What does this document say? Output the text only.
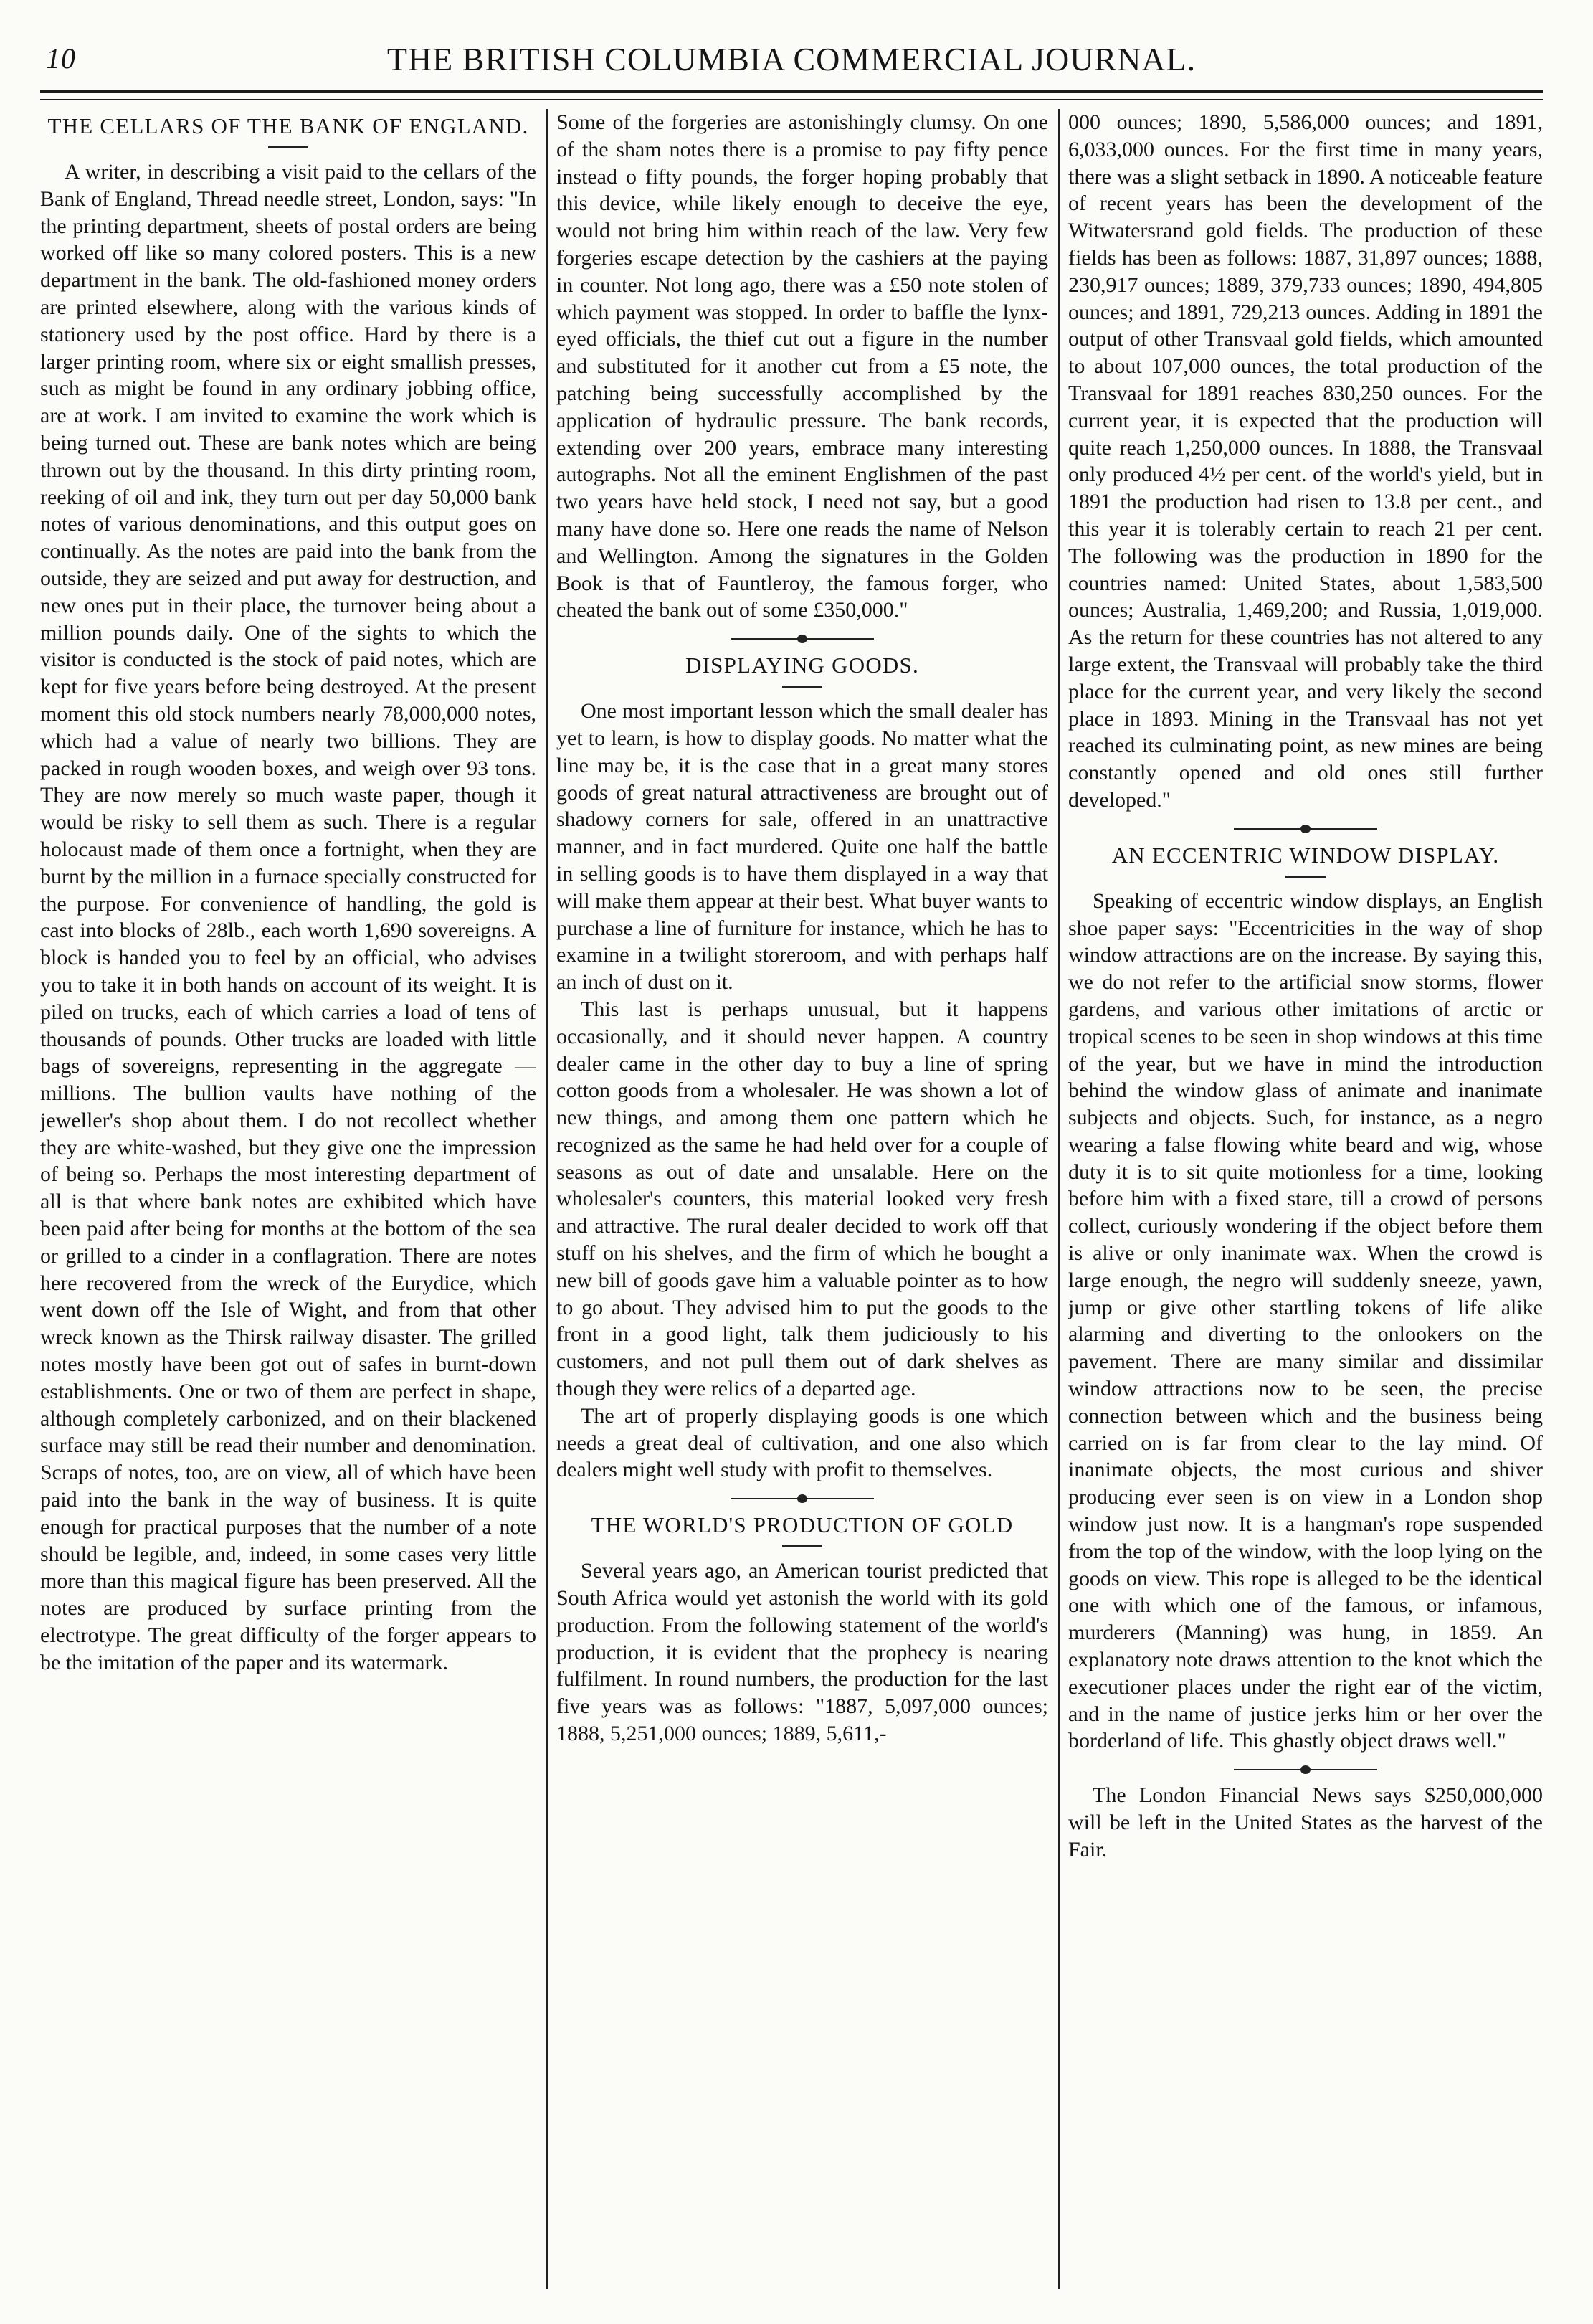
10	THE BRITISH COLUMBIA COMMERCIAL JOURNAL.
THE CELLARS OF THE BANK OF ENGLAND.

A writer, in describing a visit paid to the cellars of the Bank of England, Thread needle street, London, says: "In the printing department, sheets of postal orders are being worked off like so many colored posters. This is a new department in the bank. The old-fashioned money orders are printed elsewhere, along with the various kinds of stationery used by the post office. Hard by there is a larger printing room, where six or eight smallish presses, such as might be found in any ordinary jobbing office, are at work. I am invited to examine the work which is being turned out. These are bank notes which are being thrown out by the thousand. In this dirty printing room, reeking of oil and ink, they turn out per day 50,000 bank notes of various denominations, and this output goes on continually. As the notes are paid into the bank from the outside, they are seized and put away for destruction, and new ones put in their place, the turnover being about a million pounds daily. One of the sights to which the visitor is conducted is the stock of paid notes, which are kept for five years before being destroyed. At the present moment this old stock numbers nearly 78,000,000 notes, which had a value of nearly two billions. They are packed in rough wooden boxes, and weigh over 93 tons. They are now merely so much waste paper, though it would be risky to sell them as such. There is a regular holocaust made of them once a fortnight, when they are burnt by the million in a furnace specially constructed for the purpose. For convenience of handling, the gold is cast into blocks of 28lb., each worth 1,690 sovereigns. A block is handed you to feel by an official, who advises you to take it in both hands on account of its weight. It is piled on trucks, each of which carries a load of tens of thousands of pounds. Other trucks are loaded with little bags of sovereigns, representing in the aggregate —millions. The bullion vaults have nothing of the jeweller's shop about them. I do not recollect whether they are white-washed, but they give one the impression of being so. Perhaps the most interesting department of all is that where bank notes are exhibited which have been paid after being for months at the bottom of the sea or grilled to a cinder in a conflagration. There are notes here recovered from the wreck of the Eurydice, which went down off the Isle of Wight, and from that other wreck known as the Thirsk railway disaster. The grilled notes mostly have been got out of safes in burnt-down establishments. One or two of them are perfect in shape, although completely carbonized, and on their blackened surface may still be read their number and denomination. Scraps of notes, too, are on view, all of which have been paid into the bank in the way of business. It is quite enough for practical purposes that the number of a note should be legible, and, indeed, in some cases very little more than this magical figure has been preserved. All the notes are produced by surface printing from the electrotype. The great difficulty of the forger appears to be the imitation of the paper and its watermark.

Some of the forgeries are astonishingly clumsy. On one of the sham notes there is a promise to pay fifty pence instead o fifty pounds, the forger hoping probably that this device, while likely enough to deceive the eye, would not bring him within reach of the law. Very few forgeries escape detection by the cashiers at the paying in counter. Not long ago, there was a £50 note stolen of which payment was stopped. In order to baffle the lynx-eyed officials, the thief cut out a figure in the number and substituted for it another cut from a £5 note, the patching being successfully accomplished by the application of hydraulic pressure. The bank records, extending over 200 years, embrace many interesting autographs. Not all the eminent Englishmen of the past two years have held stock, I need not say, but a good many have done so. Here one reads the name of Nelson and Wellington. Among the signatures in the Golden Book is that of Fauntleroy, the famous forger, who cheated the bank out of some £350,000."

DISPLAYING GOODS.

One most important lesson which the small dealer has yet to learn, is how to display goods. No matter what the line may be, it is the case that in a great many stores goods of great natural attractiveness are brought out of shadowy corners for sale, offered in an unattractive manner, and in fact murdered. Quite one half the battle in selling goods is to have them displayed in a way that will make them appear at their best. What buyer wants to purchase a line of furniture for instance, which he has to examine in a twilight storeroom, and with perhaps half an inch of dust on it.

This last is perhaps unusual, but it happens occasionally, and it should never happen. A country dealer came in the other day to buy a line of spring cotton goods from a wholesaler. He was shown a lot of new things, and among them one pattern which he recognized as the same he had held over for a couple of seasons as out of date and unsalable. Here on the wholesaler's counters, this material looked very fresh and attractive. The rural dealer decided to work off that stuff on his shelves, and the firm of which he bought a new bill of goods gave him a valuable pointer as to how to go about. They advised him to put the goods to the front in a good light, talk them judiciously to his customers, and not pull them out of dark shelves as though they were relics of a departed age.

The art of properly displaying goods is one which needs a great deal of cultivation, and one also which dealers might well study with profit to themselves.

THE WORLD'S PRODUCTION OF GOLD

Several years ago, an American tourist predicted that South Africa would yet astonish the world with its gold production. From the following statement of the world's production, it is evident that the prophecy is nearing fulfilment. In round numbers, the production for the last five years was as follows: "1887, 5,097,000 ounces; 1888, 5,251,000 ounces; 1889, 5,611,-

000 ounces; 1890, 5,586,000 ounces; and 1891, 6,033,000 ounces. For the first time in many years, there was a slight setback in 1890. A noticeable feature of recent years has been the development of the Witwatersrand gold fields. The production of these fields has been as follows: 1887, 31,897 ounces; 1888, 230,917 ounces; 1889, 379,733 ounces; 1890, 494,805 ounces; and 1891, 729,213 ounces. Adding in 1891 the output of other Transvaal gold fields, which amounted to about 107,000 ounces, the total production of the Transvaal for 1891 reaches 830,250 ounces. For the current year, it is expected that the production will quite reach 1,250,000 ounces. In 1888, the Transvaal only produced 4½ per cent. of the world's yield, but in 1891 the production had risen to 13.8 per cent., and this year it is tolerably certain to reach 21 per cent. The following was the production in 1890 for the countries named: United States, about 1,583,500 ounces; Australia, 1,469,200; and Russia, 1,019,000. As the return for these countries has not altered to any large extent, the Transvaal will probably take the third place for the current year, and very likely the second place in 1893. Mining in the Transvaal has not yet reached its culminating point, as new mines are being constantly opened and old ones still further developed."

AN ECCENTRIC WINDOW DISPLAY.

Speaking of eccentric window displays, an English shoe paper says: "Eccentricities in the way of shop window attractions are on the increase. By saying this, we do not refer to the artificial snow storms, flower gardens, and various other imitations of arctic or tropical scenes to be seen in shop windows at this time of the year, but we have in mind the introduction behind the window glass of animate and inanimate subjects and objects. Such, for instance, as a negro wearing a false flowing white beard and wig, whose duty it is to sit quite motionless for a time, looking before him with a fixed stare, till a crowd of persons collect, curiously wondering if the object before them is alive or only inanimate wax. When the crowd is large enough, the negro will suddenly sneeze, yawn, jump or give other startling tokens of life alike alarming and diverting to the onlookers on the pavement. There are many similar and dissimilar window attractions now to be seen, the precise connection between which and the business being carried on is far from clear to the lay mind. Of inanimate objects, the most curious and shiver producing ever seen is on view in a London shop window just now. It is a hangman's rope suspended from the top of the window, with the loop lying on the goods on view. This rope is alleged to be the identical one with which one of the famous, or infamous, murderers (Manning) was hung, in 1859. An explanatory note draws attention to the knot which the executioner places under the right ear of the victim, and in the name of justice jerks him or her over the borderland of life. This ghastly object draws well."

The London Financial News says $250,000,000 will be left in the United States as the harvest of the Fair.
